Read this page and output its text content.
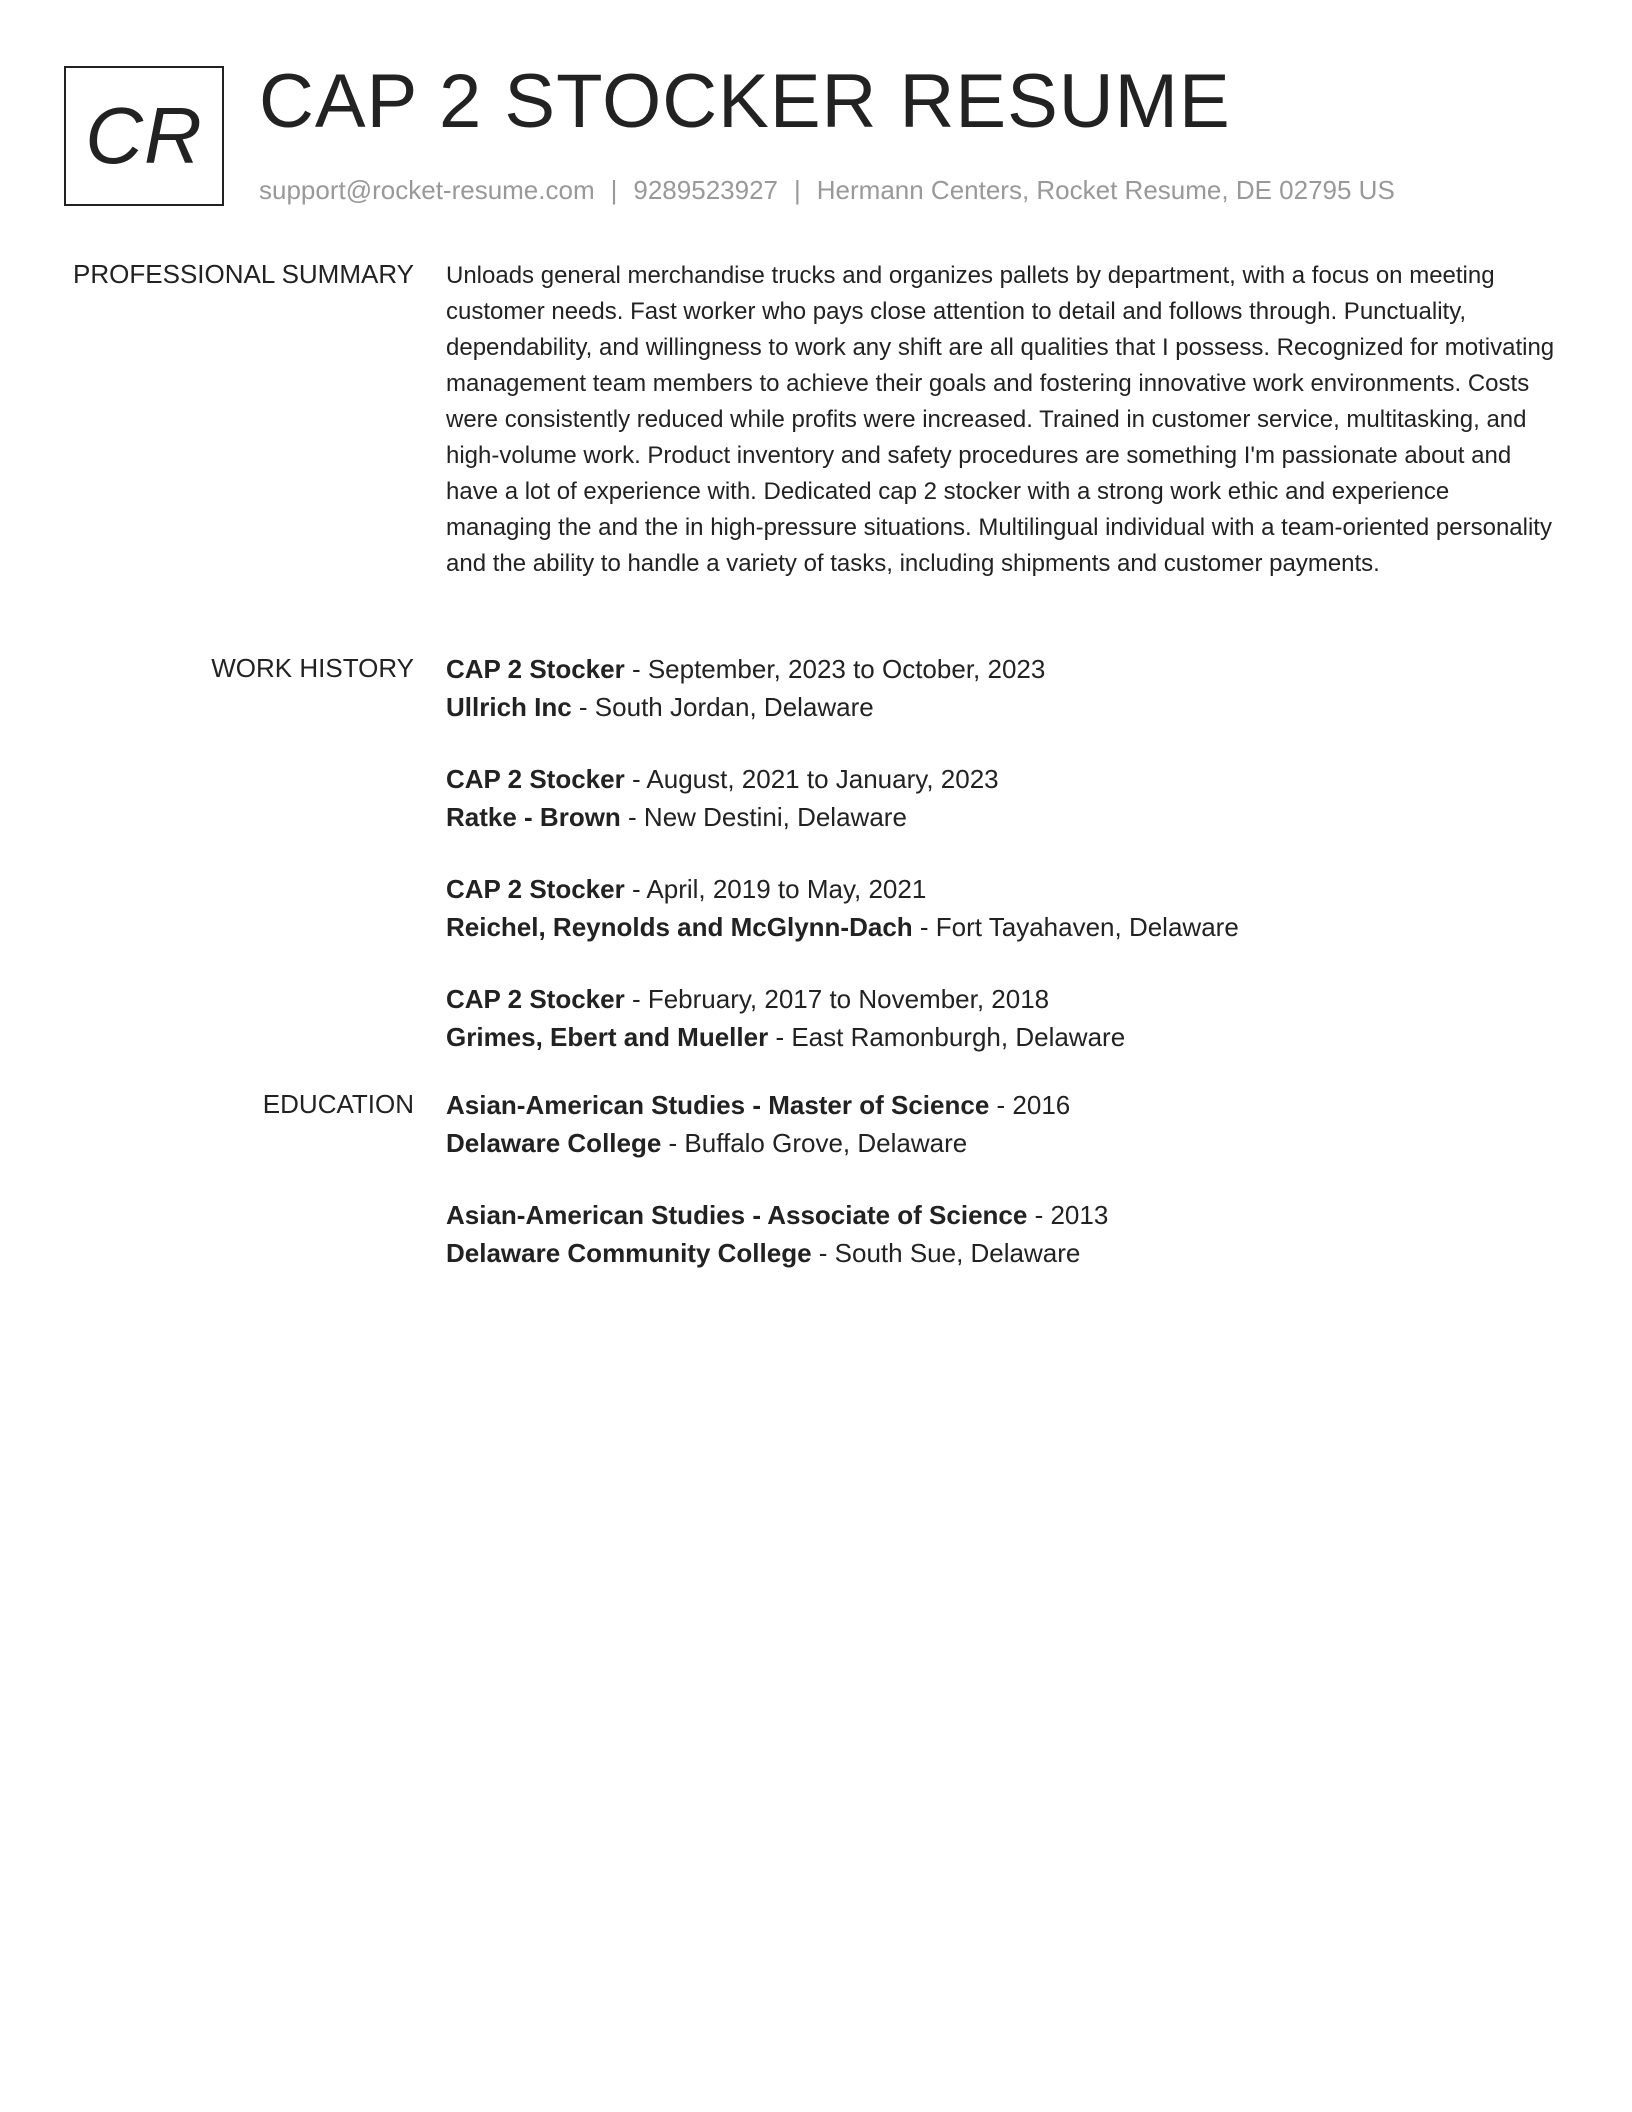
CR CAP 2 STOCKER RESUME
support@rocket-resume.com | 9289523927 | Hermann Centers, Rocket Resume, DE 02795 US
PROFESSIONAL SUMMARY Unloads general merchandise trucks and organizes pallets by department, with a focus on meeting customer needs. Fast worker who pays close attention to detail and follows through. Punctuality, dependability, and willingness to work any shift are all qualities that I possess. Recognized for motivating management team members to achieve their goals and fostering innovative work environments. Costs were consistently reduced while profits were increased. Trained in customer service, multitasking, and high-volume work. Product inventory and safety procedures are something I'm passionate about and have a lot of experience with. Dedicated cap 2 stocker with a strong work ethic and experience managing the and the in high-pressure situations. Multilingual individual with a team-oriented personality and the ability to handle a variety of tasks, including shipments and customer payments.
WORK HISTORY CAP 2 Stocker - September, 2023 to October, 2023
Ullrich Inc - South Jordan, Delaware
CAP 2 Stocker - August, 2021 to January, 2023
Ratke - Brown - New Destini, Delaware
CAP 2 Stocker - April, 2019 to May, 2021
Reichel, Reynolds and McGlynn-Dach - Fort Tayahaven, Delaware
CAP 2 Stocker - February, 2017 to November, 2018
Grimes, Ebert and Mueller - East Ramonburgh, Delaware
EDUCATION Asian-American Studies - Master of Science - 2016
Delaware College - Buffalo Grove, Delaware
Asian-American Studies - Associate of Science - 2013
Delaware Community College - South Sue, Delaware
